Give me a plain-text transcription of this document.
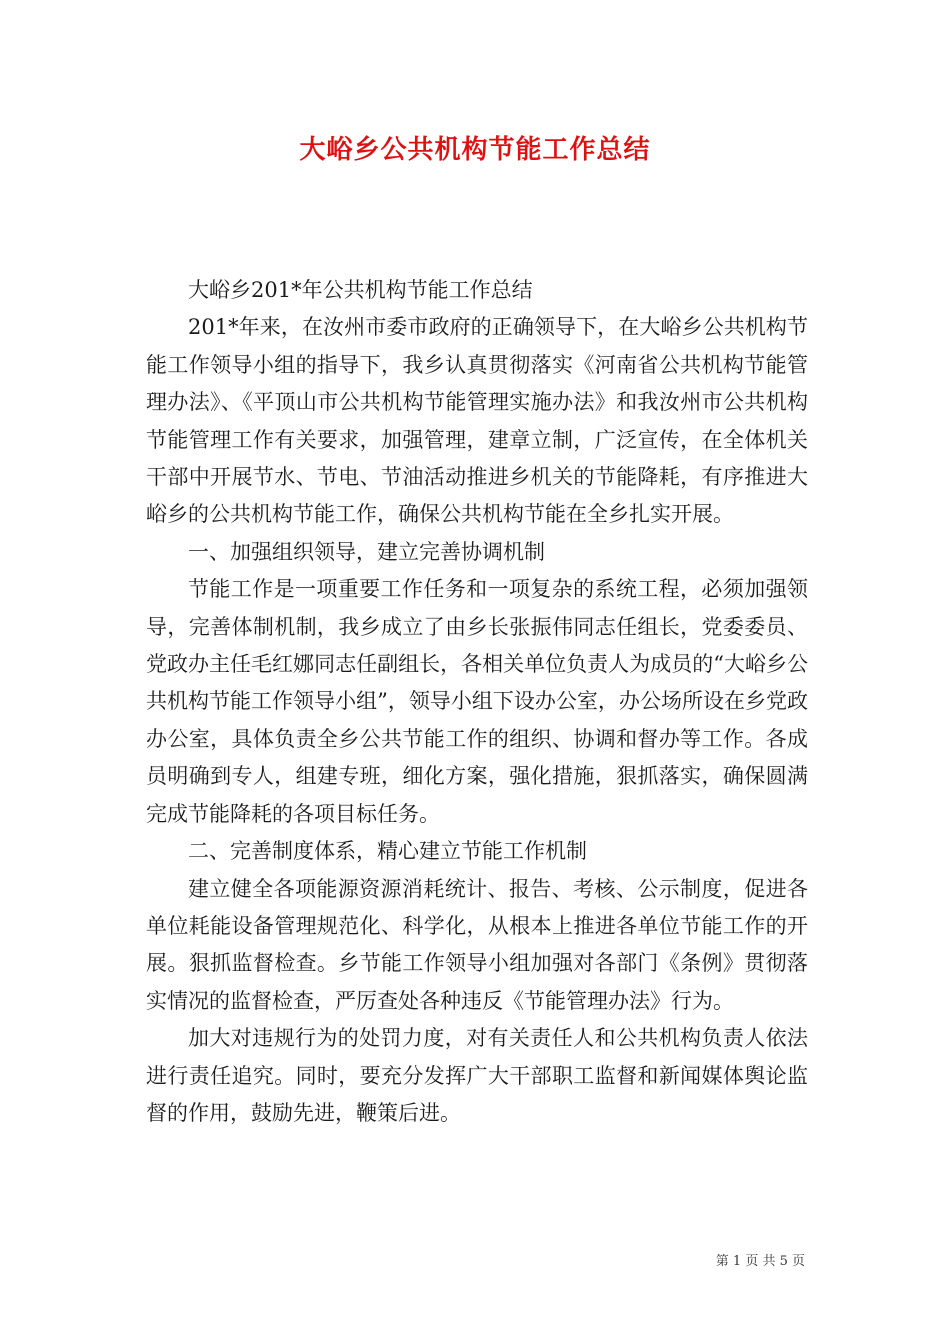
大峪乡公共机构节能工作总结

大峪乡201*年公共机构节能工作总结

201*年来，在汝州市委市政府的正确领导下，在大峪乡公共机构节能工作领导小组的指导下，我乡认真贯彻落实《河南省公共机构节能管理办法》、《平顶山市公共机构节能管理实施办法》和我汝州市公共机构节能管理工作有关要求，加强管理，建章立制，广泛宣传，在全体机关干部中开展节水、节电、节油活动推进乡机关的节能降耗，有序推进大峪乡的公共机构节能工作，确保公共机构节能在全乡扎实开展。

一、加强组织领导，建立完善协调机制

节能工作是一项重要工作任务和一项复杂的系统工程，必须加强领导，完善体制机制，我乡成立了由乡长张振伟同志任组长，党委委员、党政办主任毛红娜同志任副组长，各相关单位负责人为成员的“大峪乡公共机构节能工作领导小组”，领导小组下设办公室，办公场所设在乡党政办公室，具体负责全乡公共节能工作的组织、协调和督办等工作。各成员明确到专人，组建专班，细化方案，强化措施，狠抓落实，确保圆满完成节能降耗的各项目标任务。

二、完善制度体系，精心建立节能工作机制

建立健全各项能源资源消耗统计、报告、考核、公示制度，促进各单位耗能设备管理规范化、科学化，从根本上推进各单位节能工作的开展。狠抓监督检查。乡节能工作领导小组加强对各部门《条例》贯彻落实情况的监督检查，严厉查处各种违反《节能管理办法》行为。

加大对违规行为的处罚力度，对有关责任人和公共机构负责人依法进行责任追究。同时，要充分发挥广大干部职工监督和新闻媒体舆论监督的作用，鼓励先进，鞭策后进。

第 1 页 共 5 页
